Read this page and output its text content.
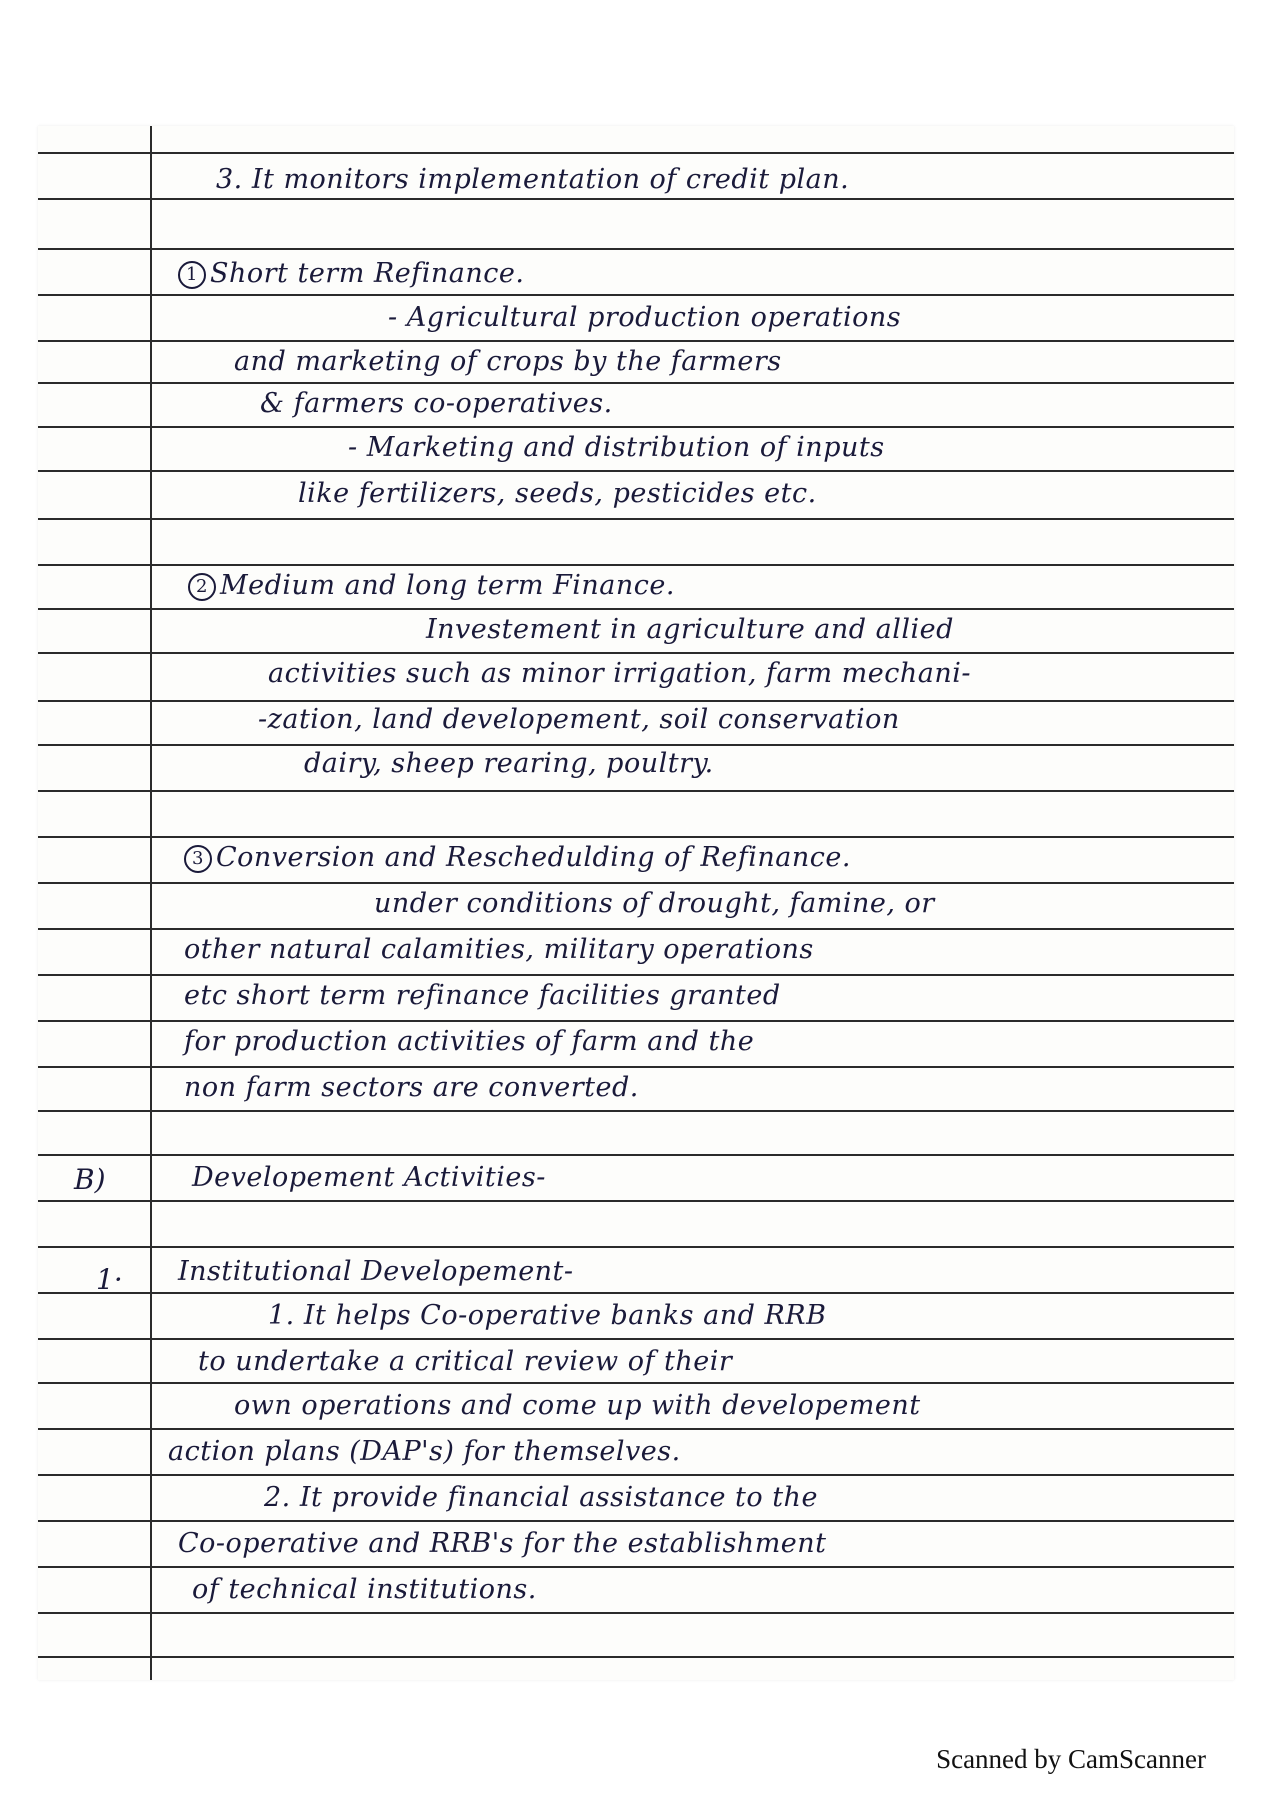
B)
1·
3. It monitors implementation of credit plan.
1 Short term Refinance.
- Agricultural production operations
and marketing of crops by the farmers
& farmers co-operatives.
- Marketing and distribution of inputs
like fertilizers, seeds, pesticides etc.
2 Medium and long term Finance.
Investement in agriculture and allied
activities such as minor irrigation, farm mechani-
-zation, land developement, soil conservation
dairy, sheep rearing, poultry.
3 Conversion and Reschedulding of Refinance.
under conditions of drought, famine, or
other natural calamities, military operations
etc short term refinance facilities granted
for production activities of farm and the
non farm sectors are converted.
Developement Activities-
Institutional Developement-
1. It helps Co-operative banks and RRB
to undertake a critical review of their
own operations and come up with developement
action plans (DAP's) for themselves.
2. It provide financial assistance to the
Co-operative and RRB's for the establishment
of technical institutions.
Scanned by CamScanner
